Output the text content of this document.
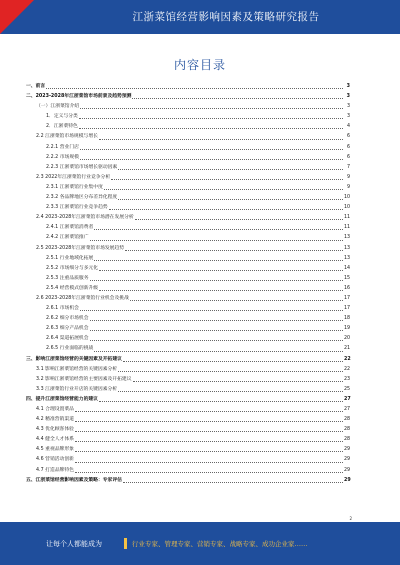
江浙菜馆经营影响因素及策略研究报告
内容目录
一、前言	3
二、2023-2028年江浙菜馆市场前景及趋势预测	3
（一）江浙菜馆介绍	3
1．定义与分类	3
2．江浙菜特色	4
2.2 江浙菜馆市场规模与增长	6
2.2.1 营业门店	6
2.2.2 市场规模	6
2.2.3 江浙菜馆市场增长驱动因素	7
2.3 2022年江浙菜馆行业竞争分析	9
2.3.1 江浙菜馆行业集中度	9
2.3.2 各品牌地区分布差异化程度	10
2.3.3 江浙菜馆行业竞争趋势	10
2.4 2023-2028年江浙菜馆市场潜在发展分析	11
2.4.1 江浙菜馆消费者	11
2.4.2 江浙菜馆推广	13
2.5 2023-2028年江浙菜馆市场发展趋势	13
2.5.1 行业地域化拓展	13
2.5.2 市场细分与多元化	14
2.5.3 注重品质服务	15
2.5.4 经营模式创新升级	16
2.6 2023-2028年江浙菜馆行业机会及挑战	17
2.6.1 市场机会	17
2.6.2 细分市场机会	18
2.6.3 细分产品机会	19
2.6.4 渠道拓展机会	20
2.6.5 行业面临的挑战	21
三、影响江浙菜馆经营的关键因素及开拓建议	22
3.1 影响江浙菜馆经营的关键因素分析	22
3.2 影响江浙菜馆经营的主要因素及开拓建议	23
3.3 江浙菜馆行业开店的关键因素分析	25
四、提升江浙菜馆经营能力的建议	27
4.1 合理设置菜品	27
4.2 精准营销渠道	28
4.3 优化顾客体验	28
4.4 健全人才体系	28
4.5 重视品牌形象	29
4.6 营销活动创新	29
4.7 打造品牌特色	29
五、江浙菜馆经营影响因素及策略：专家评估	29
2
让每个人都能成为	行业专家、管理专家、营销专家、战略专家、成功企业家……
